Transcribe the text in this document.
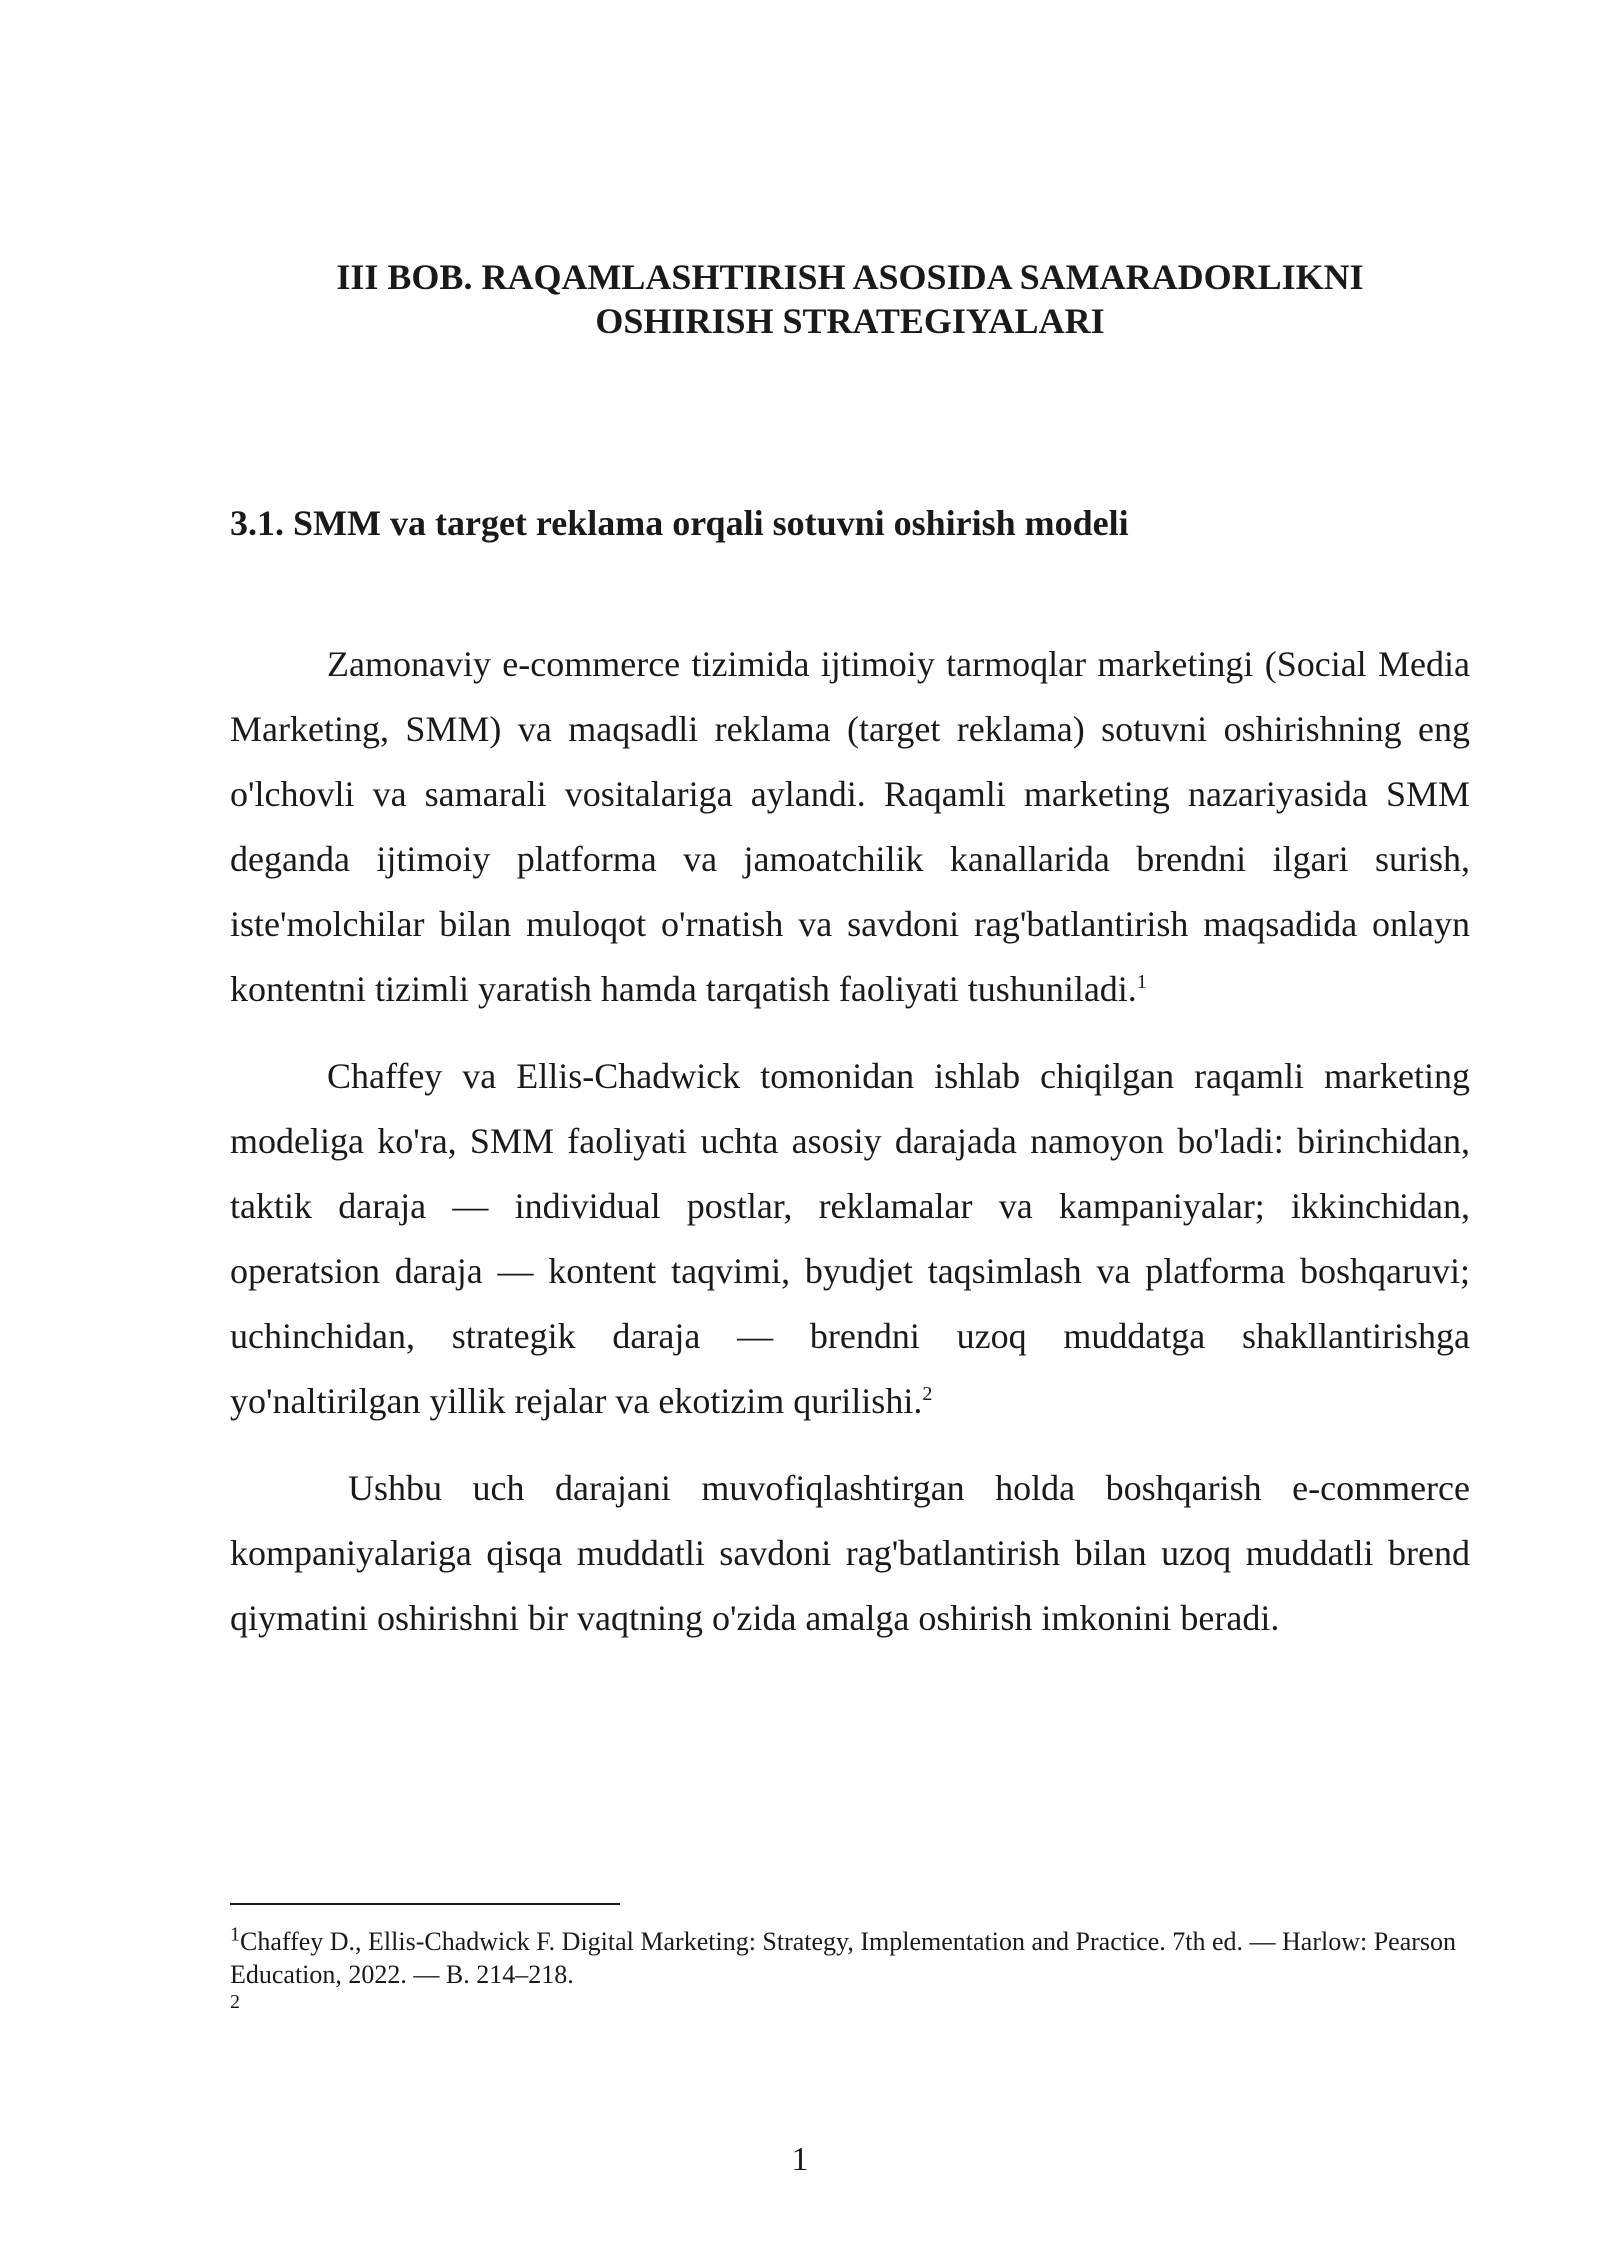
III BOB. RAQAMLASHTIRISH ASOSIDA SAMARADORLIKNI
OSHIRISH STRATEGIYALARI
3.1. SMM va target reklama orqali sotuvni oshirish modeli

Zamonaviy e-commerce tizimida ijtimoiy tarmoqlar marketingi (Social Media Marketing, SMM) va maqsadli reklama (target reklama) sotuvni oshirishning eng o'lchovli va samarali vositalariga aylandi. Raqamli marketing nazariyasida SMM deganda ijtimoiy platforma va jamoatchilik kanallarida brendni ilgari surish, iste'molchilar bilan muloqot o'rnatish va savdoni rag'batlantirish maqsadida onlayn kontentni tizimli yaratish hamda tarqatish faoliyati tushuniladi.$^1$

Chaffey va Ellis-Chadwick tomonidan ishlab chiqilgan raqamli marketing modeliga ko'ra, SMM faoliyati uchta asosiy darajada namoyon bo'ladi: birinchidan, taktik daraja — individual postlar, reklamalar va kampaniyalar; ikkinchidan, operatsion daraja — kontent taqvimi, byudjet taqsimlash va platforma boshqaruvi; uchinchidan, strategik daraja — brendni uzoq muddatga shakllantirishga yo'naltirilgan yillik rejalar va ekotizim qurilishi.$^2$

Ushbu uch darajani muvofiqlashtirgan holda boshqarish e-commerce kompaniyalariga qisqa muddatli savdoni rag'batlantirish bilan uzoq muddatli brend qiymatini oshirishni bir vaqtning o'zida amalga oshirish imkonini beradi.

$^1$Chaffey D., Ellis-Chadwick F. Digital Marketing: Strategy, Implementation and Practice. 7th ed. — Harlow: Pearson Education, 2022. — B. 214–218.

2

1
